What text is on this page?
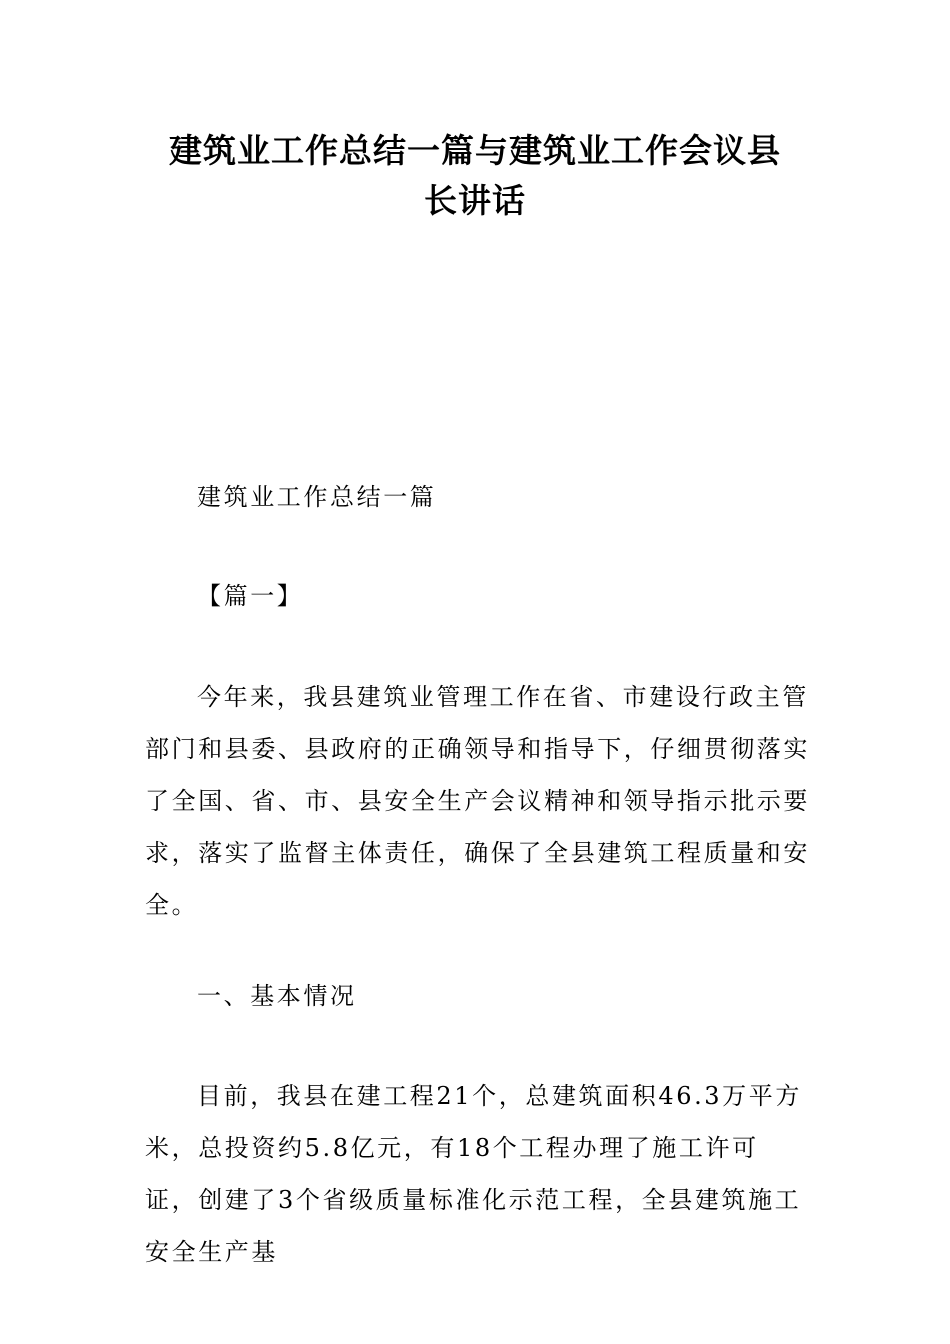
建筑业工作总结一篇与建筑业工作会议县
长讲话

建筑业工作总结一篇

【篇一】

今年来，我县建筑业管理工作在省、市建设行政主管部门和县委、县政府的正确领导和指导下，仔细贯彻落实了全国、省、市、县安全生产会议精神和领导指示批示要求，落实了监督主体责任，确保了全县建筑工程质量和安全。

一、基本情况

目前，我县在建工程21个，总建筑面积46.3万平方米，总投资约5.8亿元，有18个工程办理了施工许可证，创建了3个省级质量标准化示范工程，全县建筑施工安全生产基
